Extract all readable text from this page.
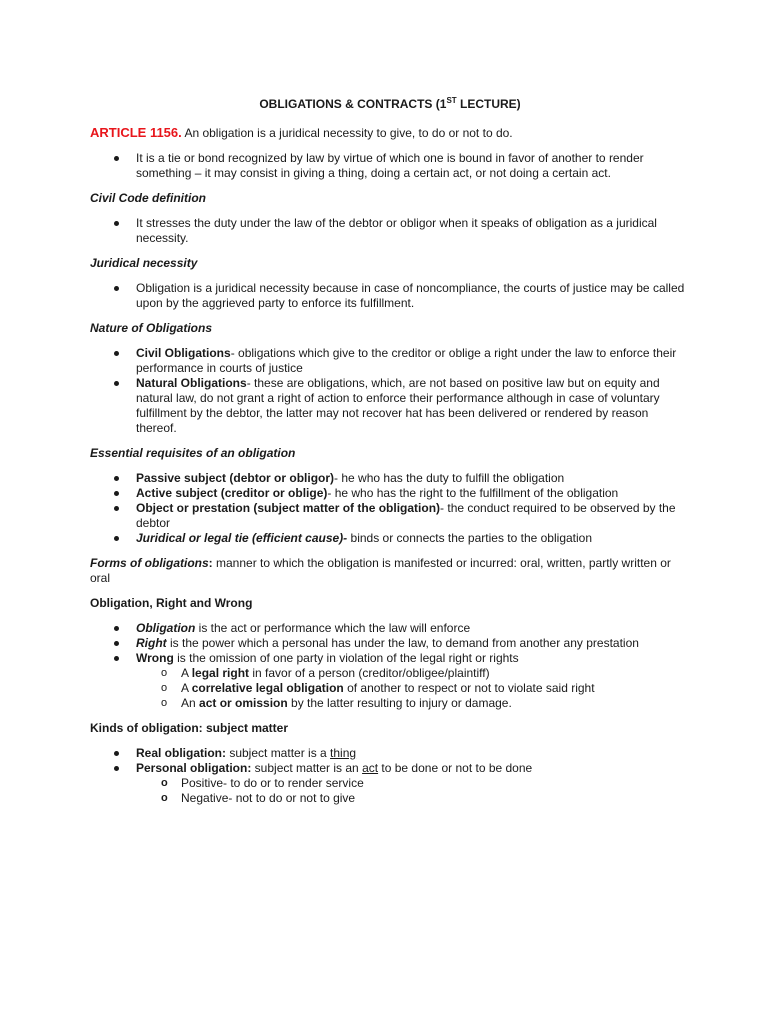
OBLIGATIONS & CONTRACTS (1ST LECTURE)

ARTICLE 1156. An obligation is a juridical necessity to give, to do or not to do.

It is a tie or bond recognized by law by virtue of which one is bound in favor of another to render something – it may consist in giving a thing, doing a certain act, or not doing a certain act.

Civil Code definition

It stresses the duty under the law of the debtor or obligor when it speaks of obligation as a juridical necessity.

Juridical necessity

Obligation is a juridical necessity because in case of noncompliance, the courts of justice may be called upon by the aggrieved party to enforce its fulfillment.

Nature of Obligations

Civil Obligations- obligations which give to the creditor or oblige a right under the law to enforce their performance in courts of justice
Natural Obligations- these are obligations, which, are not based on positive law but on equity and natural law, do not grant a right of action to enforce their performance although in case of voluntary fulfillment by the debtor, the latter may not recover hat has been delivered or rendered by reason thereof.

Essential requisites of an obligation

Passive subject (debtor or obligor)- he who has the duty to fulfill the obligation
Active subject (creditor or oblige)- he who has the right to the fulfillment of the obligation
Object or prestation (subject matter of the obligation)- the conduct required to be observed by the debtor
Juridical or legal tie (efficient cause)- binds or connects the parties to the obligation

Forms of obligations: manner to which the obligation is manifested or incurred: oral, written, partly written or oral

Obligation, Right and Wrong

Obligation is the act or performance which the law will enforce
Right is the power which a personal has under the law, to demand from another any prestation
Wrong is the omission of one party in violation of the legal right or rights
o A legal right in favor of a person (creditor/obligee/plaintiff)
o A correlative legal obligation of another to respect or not to violate said right
o An act or omission by the latter resulting to injury or damage.

Kinds of obligation: subject matter

Real obligation: subject matter is a thing
Personal obligation: subject matter is an act to be done or not to be done
o Positive- to do or to render service
o Negative- not to do or not to give
